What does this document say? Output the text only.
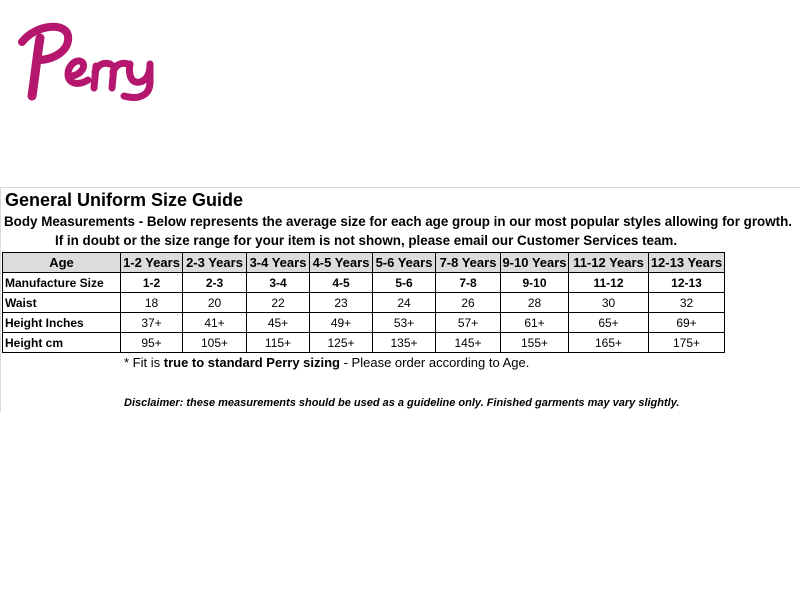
General Uniform Size Guide
Body Measurements - Below represents the average size for each age group in our most popular styles allowing for growth.
If in doubt or the size range for your item is not shown, please email our Customer Services team.
Age	1-2 Years	2-3 Years	3-4 Years	4-5 Years	5-6 Years	7-8 Years	9-10 Years	11-12 Years	12-13 Years
Manufacture Size	1-2	2-3	3-4	4-5	5-6	7-8	9-10	11-12	12-13
Waist	18	20	22	23	24	26	28	30	32
Height Inches	37+	41+	45+	49+	53+	57+	61+	65+	69+
Height cm	95+	105+	115+	125+	135+	145+	155+	165+	175+
* Fit is true to standard Perry sizing - Please order according to Age.
Disclaimer: these measurements should be used as a guideline only. Finished garments may vary slightly.
